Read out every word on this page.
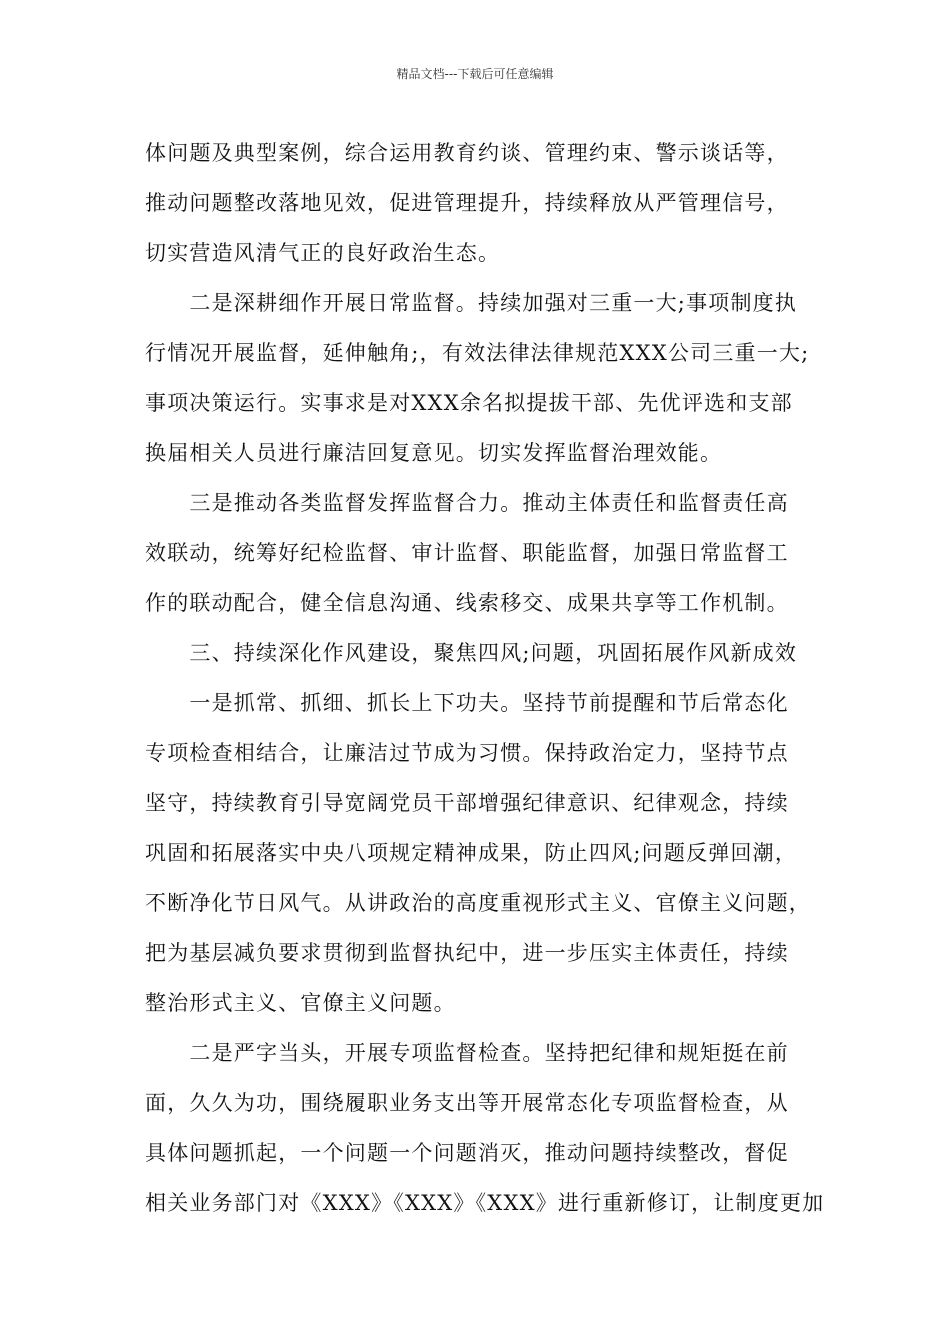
精品文档---下载后可任意编辑
体问题及典型案例，综合运用教育约谈、管理约束、警示谈话等，
推动问题整改落地见效，促进管理提升，持续释放从严管理信号，
切实营造风清气正的良好政治生态。
　　二是深耕细作开展日常监督。持续加强对三重一大;事项制度执
行情况开展监督，延伸触角;，有效法律法律规范XXX公司三重一大;
事项决策运行。实事求是对XXX余名拟提拔干部、先优评选和支部
换届相关人员进行廉洁回复意见。切实发挥监督治理效能。
　　三是推动各类监督发挥监督合力。推动主体责任和监督责任高
效联动，统筹好纪检监督、审计监督、职能监督，加强日常监督工
作的联动配合，健全信息沟通、线索移交、成果共享等工作机制。
　　三、持续深化作风建设，聚焦四风;问题，巩固拓展作风新成效
　　一是抓常、抓细、抓长上下功夫。坚持节前提醒和节后常态化
专项检查相结合，让廉洁过节成为习惯。保持政治定力，坚持节点
坚守，持续教育引导宽阔党员干部增强纪律意识、纪律观念，持续
巩固和拓展落实中央八项规定精神成果，防止四风;问题反弹回潮，
不断净化节日风气。从讲政治的高度重视形式主义、官僚主义问题，
把为基层减负要求贯彻到监督执纪中，进一步压实主体责任，持续
整治形式主义、官僚主义问题。
　　二是严字当头，开展专项监督检查。坚持把纪律和规矩挺在前
面，久久为功，围绕履职业务支出等开展常态化专项监督检查，从
具体问题抓起，一个问题一个问题消灭，推动问题持续整改，督促
相关业务部门对《XXX》《XXX》《XXX》进行重新修订，让制度更加
